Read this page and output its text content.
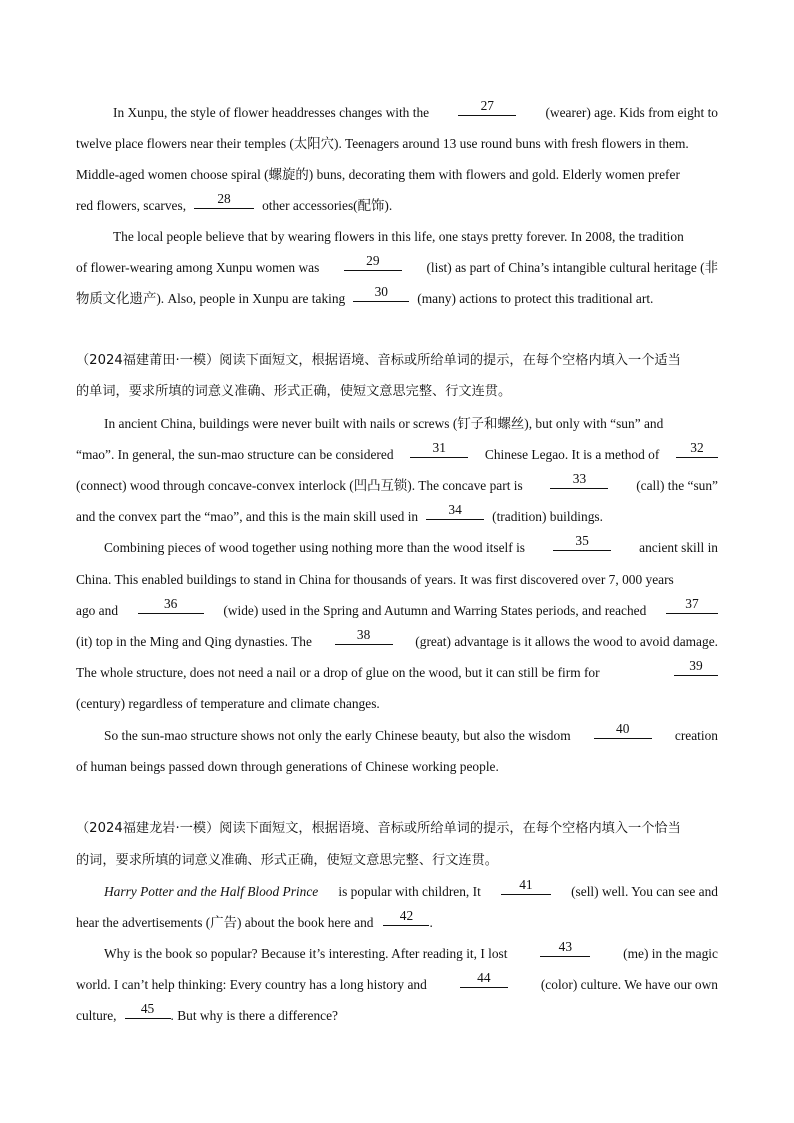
In Xunpu, the style of flower headdresses changes with the	27	(wearer) age. Kids from eight to
twelve place flowers near their temples (太阳穴). Teenagers around 13 use round buns with fresh flowers in them.
Middle-aged women choose spiral (螺旋的) buns, decorating them with flowers and gold. Elderly women prefer
red flowers, scarves,	28	other accessories(配饰).
The local people believe that by wearing flowers in this life, one stays pretty forever. In 2008, the tradition
of flower-wearing among Xunpu women was	29	(list) as part of China’s intangible cultural heritage (非
物质文化遗产). Also, people in Xunpu are taking	30	(many) actions to protect this traditional art.
（2024福建莆田·一模）阅读下面短文，根据语境、音标或所给单词的提示，在每个空格内填入一个适当
的单词，要求所填的词意义准确、形式正确，使短文意思完整、行文连贯。
In ancient China, buildings were never built with nails or screws (钉子和螺丝), but only with “sun” and
“mao”. In general, the sun-mao structure can be considered	31	Chinese Legao. It is a method of	32
(connect) wood through concave-convex interlock (凹凸互锁). The concave part is	33	(call) the “sun”
and the convex part the “mao”, and this is the main skill used in	34	(tradition) buildings.
Combining pieces of wood together using nothing more than the wood itself is	35	ancient skill in
China. This enabled buildings to stand in China for thousands of years. It was first discovered over 7, 000 years
ago and	36	(wide) used in the Spring and Autumn and Warring States periods, and reached	37
(it) top in the Ming and Qing dynasties. The	38	(great) advantage is it allows the wood to avoid damage.
The whole structure, does not need a nail or a drop of glue on the wood, but it can still be firm for	39
(century) regardless of temperature and climate changes.
So the sun-mao structure shows not only the early Chinese beauty, but also the wisdom	40	creation
of human beings passed down through generations of Chinese working people.
（2024福建龙岩·一模）阅读下面短文，根据语境、音标或所给单词的提示，在每个空格内填入一个恰当
的词，要求所填的词意义准确、形式正确，使短文意思完整、行文连贯。
Harry Potter and the Half Blood Prince is popular with children, It	41	(sell) well. You can see and
hear the advertisements (广告) about the book here and	42	.
Why is the book so popular? Because it’s interesting. After reading it, I lost	43	(me) in the magic
world. I can’t help thinking: Every country has a long history and	44	(color) culture. We have our own
culture,	45	. But why is there a difference?
